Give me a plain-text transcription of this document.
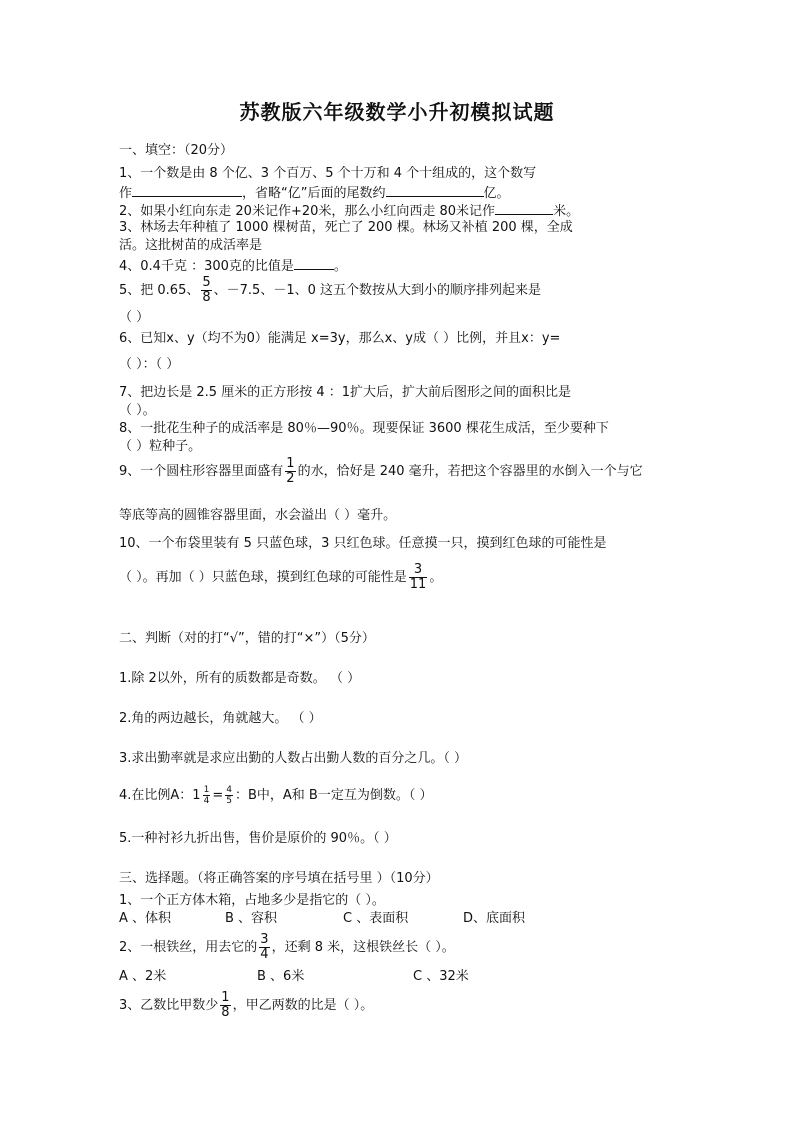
苏教版六年级数学小升初模拟试题
一、填空：（20分）
1、一个数是由 8 个亿、3 个百万、5 个十万和 4 个十组成的，这个数写
作	，省略“亿”后面的尾数约	亿。
2、如果小红向东走 20米记作+20米，那么小红向西走 80米记作	米。
3、林场去年种植了 1000 棵树苗，死亡了 200 棵。林场又补植 200 棵，全成
活。这批树苗的成活率是
4、0.4千克 ：300克的比值是	。
5、把 0.65、 $\frac{5}{8}$ 、－7.5、－1、0 这五个数按从大到小的顺序排列起来是
（ ）
6、已知x、y（均不为0）能满足 x=3y，那么x、y成（ ）比例，并且x：y=
（ ）：（ ）
7、把边长是 2.5 厘米的正方形按 4 ：1扩大后，扩大前后图形之间的面积比是
（ ）。
8、一批花生种子的成活率是 80％—90％。现要保证 3600 棵花生成活，至少要种下
（ ）粒种子。
9、一个圆柱形容器里面盛有 $\frac{1}{2}$ 的水，恰好是 240 毫升，若把这个容器里的水倒入一个与它
等底等高的圆锥容器里面，水会溢出（ ）毫升。
10、一个布袋里装有 5 只蓝色球，3 只红色球。任意摸一只，摸到红色球的可能性是
（ ）。再加（ ）只蓝色球，摸到红色球的可能性是 $\frac{3}{11}$ 。
二、判断（对的打“√”，错的打“×”）（5分）
1.除 2以外，所有的质数都是奇数。 （ ）
2.角的两边越长，角就越大。 （ ）
3.求出勤率就是求应出勤的人数占出勤人数的百分之几。（ ）
4.在比例A：$1 \frac{1}{4} = \frac{4}{5}$ ：B中，A和 B一定互为倒数。（ ）
5.一种衬衫九折出售，售价是原价的 90％。（ ）
三、选择题。（将正确答案的序号填在括号里 ）（10分）
1、一个正方体木箱，占地多少是指它的（ ）。
A 、体积	B 、容积	C 、表面积	D、底面积
2、一根铁丝，用去它的 $\frac{3}{4}$ ，还剩 8 米，这根铁丝长（ ）。
A 、2米	B 、6米	C 、32米
3、乙数比甲数少 $\frac{1}{8}$ ，甲乙两数的比是（ ）。
